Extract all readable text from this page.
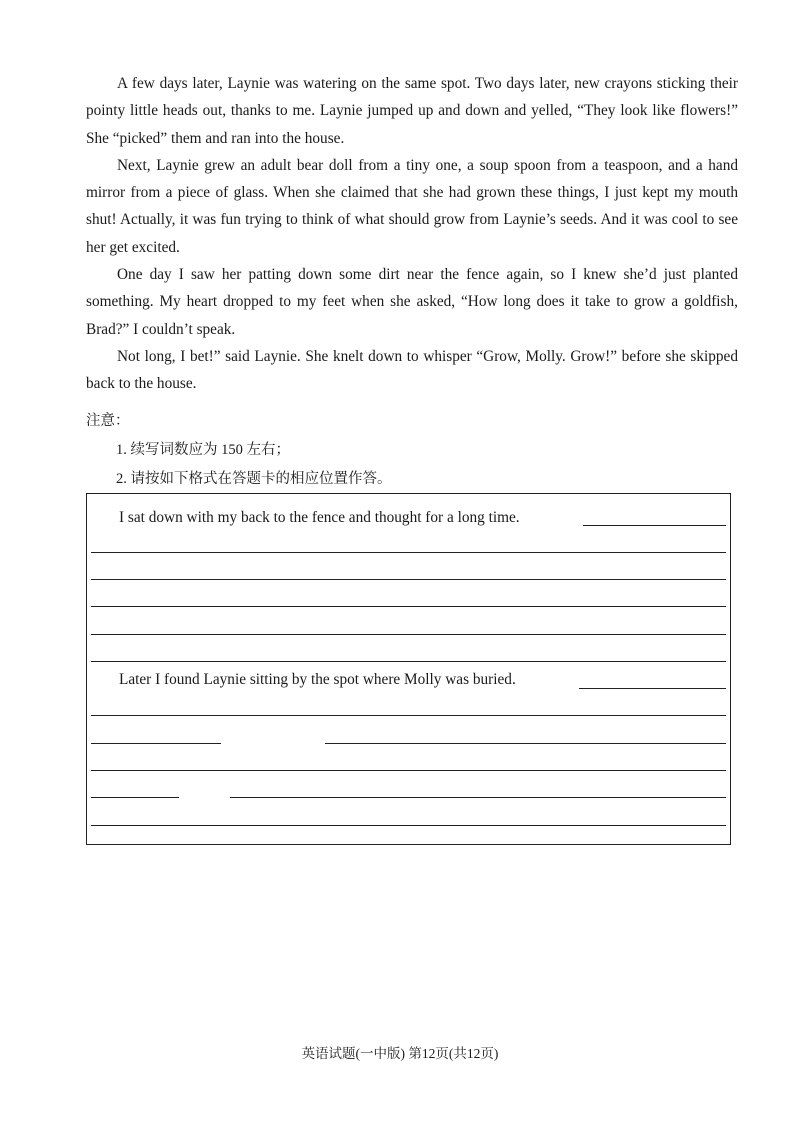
A few days later, Laynie was watering on the same spot. Two days later, new crayons sticking their pointy little heads out, thanks to me. Laynie jumped up and down and yelled, “They look like flowers!” She “picked” them and ran into the house.

Next, Laynie grew an adult bear doll from a tiny one, a soup spoon from a teaspoon, and a hand mirror from a piece of glass. When she claimed that she had grown these things, I just kept my mouth shut! Actually, it was fun trying to think of what should grow from Laynie’s seeds. And it was cool to see her get excited.

One day I saw her patting down some dirt near the fence again, so I knew she’d just planted something. My heart dropped to my feet when she asked, “How long does it take to grow a goldfish, Brad?” I couldn’t speak.

Not long, I bet!” said Laynie. She knelt down to whisper “Grow, Molly. Grow!” before she skipped back to the house.

注意：

1. 续写词数应为 150 左右；

2. 请按如下格式在答题卡的相应位置作答。

I sat down with my back to the fence and thought for a long time.
Later I found Laynie sitting by the spot where Molly was buried.
英语试题(一中版) 第12页(共12页)
